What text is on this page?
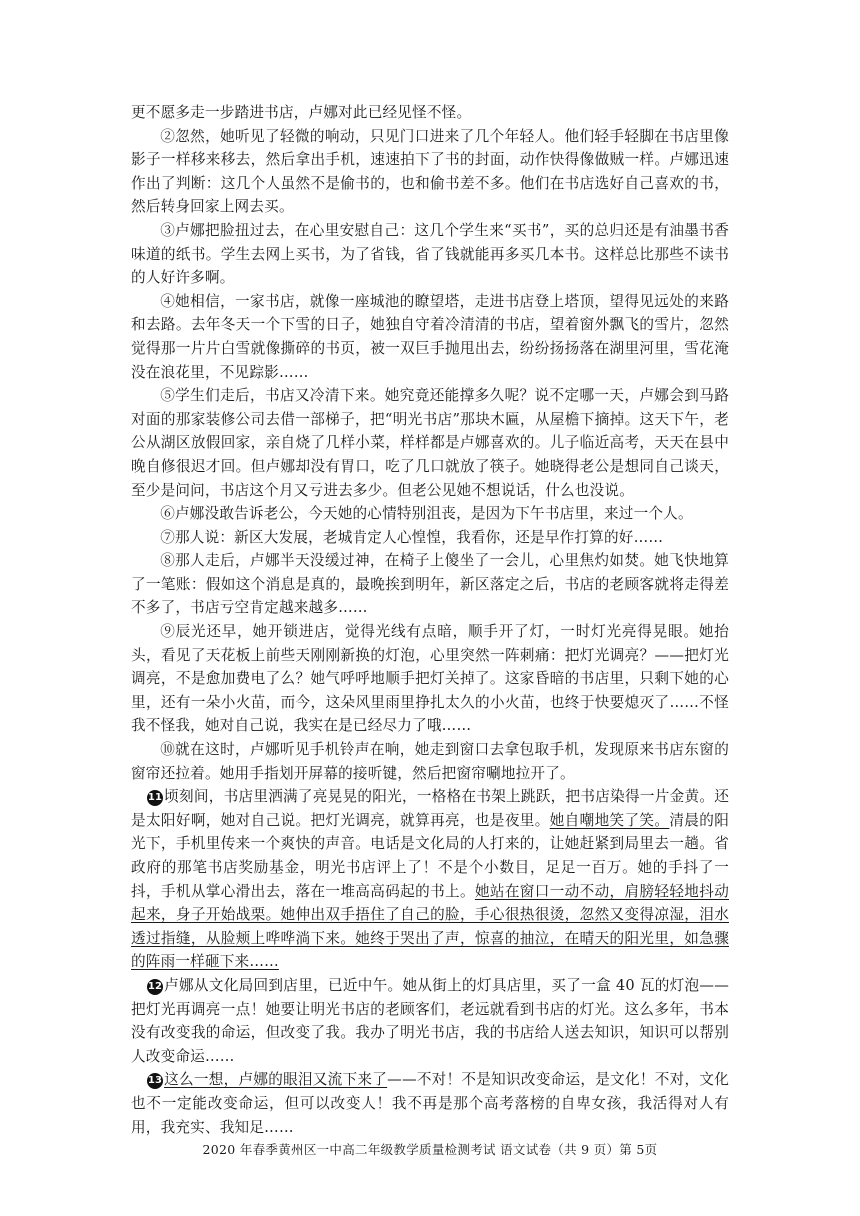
更不愿多走一步踏进书店，卢娜对此已经见怪不怪。

②忽然，她听见了轻微的响动，只见门口进来了几个年轻人。他们轻手轻脚在书店里像影子一样移来移去，然后拿出手机，速速拍下了书的封面，动作快得像做贼一样。卢娜迅速作出了判断：这几个人虽然不是偷书的，也和偷书差不多。他们在书店选好自己喜欢的书，然后转身回家上网去买。

③卢娜把脸扭过去，在心里安慰自己：这几个学生来“买书”，买的总归还是有油墨书香味道的纸书。学生去网上买书，为了省钱，省了钱就能再多买几本书。这样总比那些不读书的人好许多啊。

④她相信，一家书店，就像一座城池的瞭望塔，走进书店登上塔顶，望得见远处的来路和去路。去年冬天一个下雪的日子，她独自守着冷清清的书店，望着窗外飘飞的雪片，忽然觉得那一片片白雪就像撕碎的书页，被一双巨手抛甩出去，纷纷扬扬落在湖里河里，雪花淹没在浪花里，不见踪影……

⑤学生们走后，书店又冷清下来。她究竟还能撑多久呢？说不定哪一天，卢娜会到马路对面的那家装修公司去借一部梯子，把“明光书店”那块木匾，从屋檐下摘掉。这天下午，老公从湖区放假回家，亲自烧了几样小菜，样样都是卢娜喜欢的。儿子临近高考，天天在县中晚自修很迟才回。但卢娜却没有胃口，吃了几口就放了筷子。她晓得老公是想同自己谈天，至少是问问，书店这个月又亏进去多少。但老公见她不想说话，什么也没说。

⑥卢娜没敢告诉老公，今天她的心情特别沮丧，是因为下午书店里，来过一个人。

⑦那人说：新区大发展，老城肯定人心惶惶，我看你，还是早作打算的好……

⑧那人走后，卢娜半天没缓过神，在椅子上傻坐了一会儿，心里焦灼如焚。她飞快地算了一笔账：假如这个消息是真的，最晚挨到明年，新区落定之后，书店的老顾客就将走得差不多了，书店亏空肯定越来越多……

⑨辰光还早，她开锁进店，觉得光线有点暗，顺手开了灯，一时灯光亮得晃眼。她抬头，看见了天花板上前些天刚刚新换的灯泡，心里突然一阵刺痛：把灯光调亮？——把灯光调亮，不是愈加费电了么？她气呼呼地顺手把灯关掉了。这家昏暗的书店里，只剩下她的心里，还有一朵小火苗，而今，这朵风里雨里挣扎太久的小火苗，也终于快要熄灭了……不怪我不怪我，她对自己说，我实在是已经尽力了哦……

⑩就在这时，卢娜听见手机铃声在响，她走到窗口去拿包取手机，发现原来书店东窗的窗帘还拉着。她用手指划开屏幕的接听键，然后把窗帘唰地拉开了。

11 顷刻间，书店里洒满了亮晃晃的阳光，一格格在书架上跳跃，把书店染得一片金黄。还是太阳好啊，她对自己说。把灯光调亮，就算再亮，也是夜里。她自嘲地笑了笑。清晨的阳光下，手机里传来一个爽快的声音。电话是文化局的人打来的，让她赶紧到局里去一趟。省政府的那笔书店奖励基金，明光书店评上了！不是个小数目，足足一百万。她的手抖了一抖，手机从掌心滑出去，落在一堆高高码起的书上。她站在窗口一动不动，肩膀轻轻地抖动起来，身子开始战栗。她伸出双手捂住了自己的脸，手心很热很烫，忽然又变得凉湿，泪水透过指缝，从脸颊上哗哗淌下来。她终于哭出了声，惊喜的抽泣，在晴天的阳光里，如急骤的阵雨一样砸下来……

12 卢娜从文化局回到店里，已近中午。她从街上的灯具店里，买了一盒 40 瓦的灯泡——把灯光再调亮一点！她要让明光书店的老顾客们，老远就看到书店的灯光。这么多年，书本没有改变我的命运，但改变了我。我办了明光书店，我的书店给人送去知识，知识可以帮别人改变命运……

13 这么一想，卢娜的眼泪又流下来了——不对！不是知识改变命运，是文化！不对，文化也不一定能改变命运，但可以改变人！我不再是那个高考落榜的自卑女孩，我活得对人有用，我充实、我知足……

2020 年春季黄州区一中高二年级教学质量检测考试 语文试卷（共 9 页）第 5页
